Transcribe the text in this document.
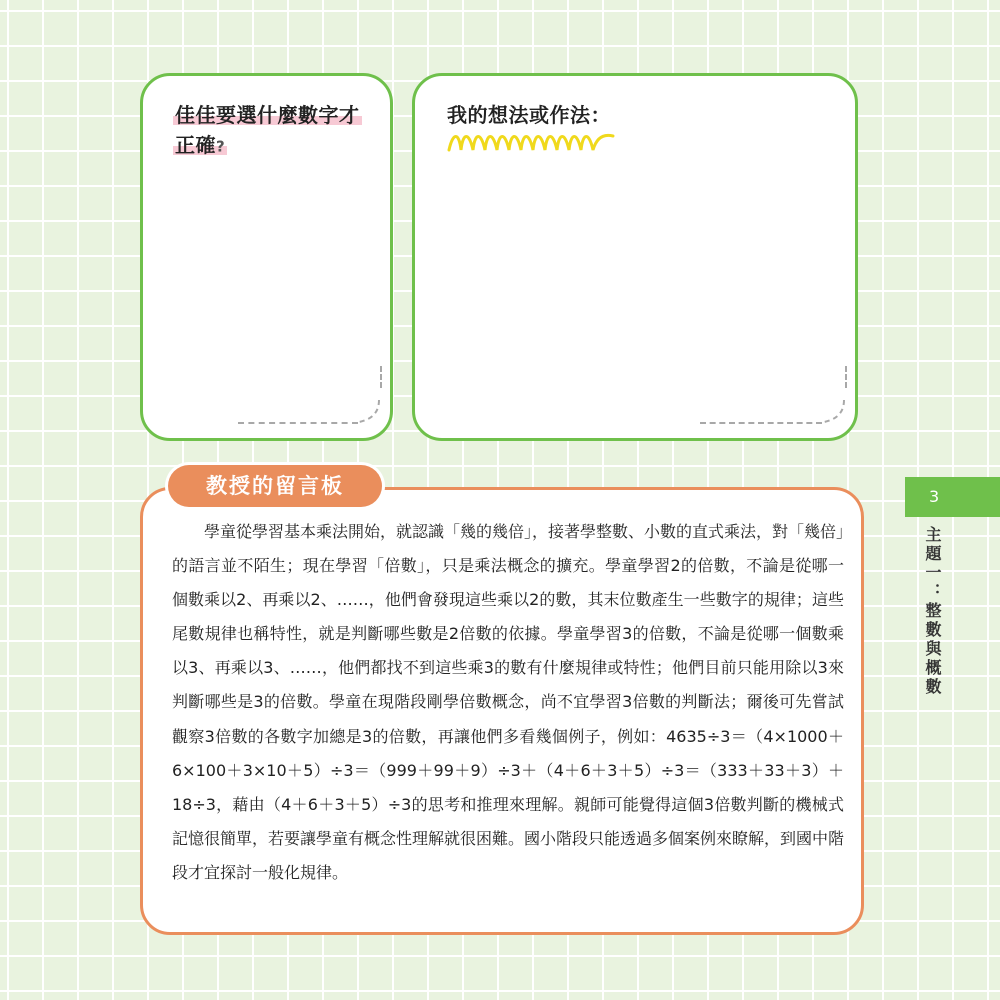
佳佳要選什麼數字才
正確?
我的想法或作法：
教授的留言板

學童從學習基本乘法開始，就認識「幾的幾倍」，接著學整數、小數的直式乘法，對「幾倍」的語言並不陌生；現在學習「倍數」，只是乘法概念的擴充。學童學習2的倍數，不論是從哪一個數乘以2、再乘以2、……，他們會發現這些乘以2的數，其末位數產生一些數字的規律；這些尾數規律也稱特性，就是判斷哪些數是2倍數的依據。學童學習3的倍數，不論是從哪一個數乘以3、再乘以3、……，他們都找不到這些乘3的數有什麼規律或特性；他們目前只能用除以3來判斷哪些是3的倍數。學童在現階段剛學倍數概念，尚不宜學習3倍數的判斷法；爾後可先嘗試觀察3倍數的各數字加總是3的倍數，再讓他們多看幾個例子，例如：4635÷3＝（4×1000＋6×100＋3×10＋5）÷3＝（999＋99＋9）÷3＋（4＋6＋3＋5）÷3＝（333＋33＋3）＋18÷3，藉由（4＋6＋3＋5）÷3的思考和推理來理解。親師可能覺得這個3倍數判斷的機械式記憶很簡單，若要讓學童有概念性理解就很困難。國小階段只能透過多個案例來瞭解，到國中階段才宜探討一般化規律。

3
主題一：整數與概數
